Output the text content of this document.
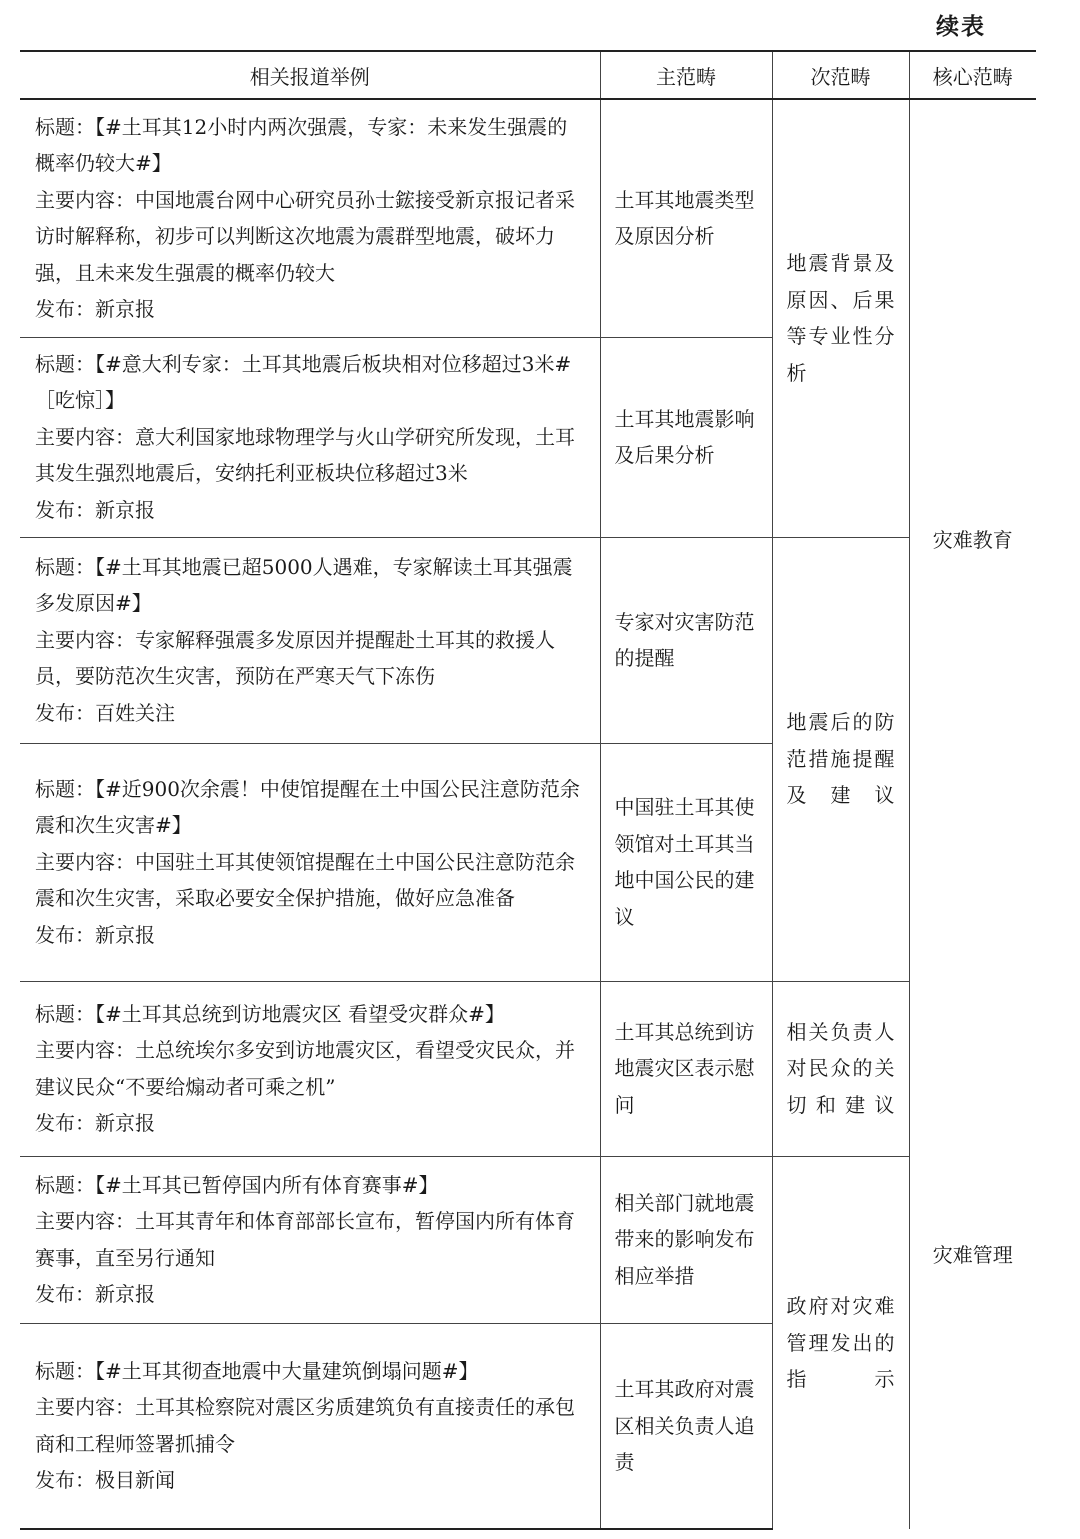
续表
相关报道举例	主范畴	次范畴	核心范畴

标题：【#土耳其12小时内两次强震，专家：未来发生强震的概率仍较大#】
主要内容：中国地震台网中心研究员孙士鋐接受新京报记者采访时解释称，初步可以判断这次地震为震群型地震，破坏力强，且未来发生强震的概率仍较大
发布：新京报	土耳其地震类型及原因分析	地震背景及原因、后果等专业性分析	灾难教育

标题：【#意大利专家：土耳其地震后板块相对位移超过3米#［吃惊］】
主要内容：意大利国家地球物理学与火山学研究所发现，土耳其发生强烈地震后，安纳托利亚板块位移超过3米
发布：新京报	土耳其地震影响及后果分析		

标题：【#土耳其地震已超5000人遇难，专家解读土耳其强震多发原因#】
主要内容：专家解释强震多发原因并提醒赴土耳其的救援人员，要防范次生灾害，预防在严寒天气下冻伤
发布：百姓关注	专家对灾害防范的提醒	地震后的防范措施提醒及建议	

标题：【#近900次余震！中使馆提醒在土中国公民注意防范余震和次生灾害#】
主要内容：中国驻土耳其使领馆提醒在土中国公民注意防范余震和次生灾害，采取必要安全保护措施，做好应急准备
发布：新京报	中国驻土耳其使领馆对土耳其当地中国公民的建议		

标题：【#土耳其总统到访地震灾区 看望受灾群众#】
主要内容：土总统埃尔多安到访地震灾区，看望受灾民众，并建议民众“不要给煽动者可乘之机”
发布：新京报	土耳其总统到访地震灾区表示慰问	相关负责人对民众的关切和建议	灾难管理

标题：【#土耳其已暂停国内所有体育赛事#】
主要内容：土耳其青年和体育部部长宣布，暂停国内所有体育赛事，直至另行通知
发布：新京报	相关部门就地震带来的影响发布相应举措	政府对灾难管理发出的指示	

标题：【#土耳其彻查地震中大量建筑倒塌问题#】
主要内容：土耳其检察院对震区劣质建筑负有直接责任的承包商和工程师签署抓捕令
发布：极目新闻	土耳其政府对震区相关负责人追责		
